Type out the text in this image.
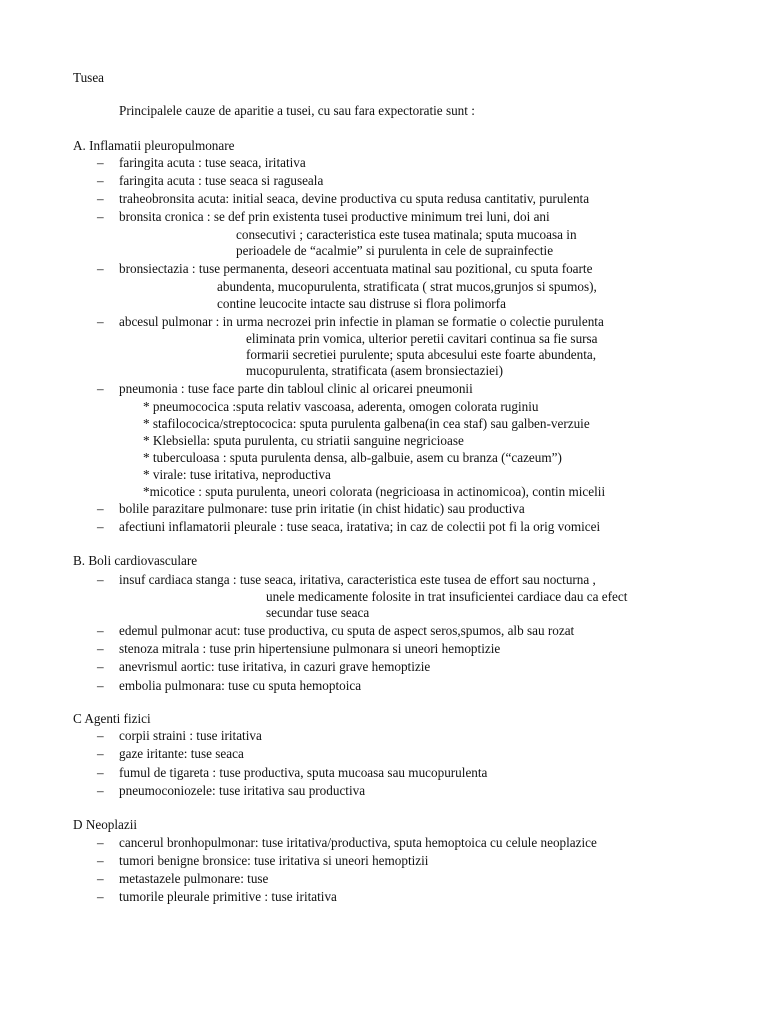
Tusea
Principalele cauze de aparitie a tusei, cu sau fara expectoratie sunt :
A. Inflamatii pleuropulmonare
– faringita acuta : tuse seaca, iritativa
– faringita acuta : tuse seaca si raguseala
– traheobronsita acuta: initial seaca, devine productiva cu sputa redusa cantitativ, purulenta
– bronsita cronica : se def prin existenta tusei productive minimum trei luni, doi ani
consecutivi ; caracteristica este tusea matinala; sputa mucoasa in
perioadele de “acalmie” si purulenta in cele de suprainfectie
– bronsiectazia : tuse permanenta, deseori accentuata matinal sau pozitional, cu sputa foarte
abundenta, mucopurulenta, stratificata ( strat mucos,grunjos si spumos),
contine leucocite intacte sau distruse si flora polimorfa
– abcesul pulmonar : in urma necrozei prin infectie in plaman se formatie o colectie purulenta
eliminata prin vomica, ulterior peretii cavitari continua sa fie sursa
formarii secretiei purulente; sputa abcesului este foarte abundenta,
mucopurulenta, stratificata (asem bronsiectaziei)
– pneumonia : tuse face parte din tabloul clinic al oricarei pneumonii
* pneumococica :sputa relativ vascoasa, aderenta, omogen colorata ruginiu
* stafilococica/streptococica: sputa purulenta galbena(in cea staf) sau galben-verzuie
* Klebsiella: sputa purulenta, cu striatii sanguine negricioase
* tuberculoasa : sputa purulenta densa, alb-galbuie, asem cu branza (“cazeum”)
* virale: tuse iritativa, neproductiva
*micotice : sputa purulenta, uneori colorata (negricioasa in actinomicoa), contin micelii
– bolile parazitare pulmonare: tuse prin iritatie (in chist hidatic) sau productiva
– afectiuni inflamatorii pleurale : tuse seaca, iratativa; in caz de colectii pot fi la orig vomicei
B. Boli cardiovasculare
– insuf cardiaca stanga : tuse seaca, iritativa, caracteristica este tusea de effort sau nocturna ,
unele medicamente folosite in trat insuficientei cardiace dau ca efect
secundar tuse seaca
– edemul pulmonar acut: tuse productiva, cu sputa de aspect seros,spumos, alb sau rozat
– stenoza mitrala : tuse prin hipertensiune pulmonara si uneori hemoptizie
– anevrismul aortic: tuse iritativa, in cazuri grave hemoptizie
– embolia pulmonara: tuse cu sputa hemoptoica
C Agenti fizici
– corpii straini : tuse iritativa
– gaze iritante: tuse seaca
– fumul de tigareta : tuse productiva, sputa mucoasa sau mucopurulenta
– pneumoconiozele: tuse iritativa sau productiva
D Neoplazii
– cancerul bronhopulmonar: tuse iritativa/productiva, sputa hemoptoica cu celule neoplazice
– tumori benigne bronsice: tuse iritativa si uneori hemoptizii
– metastazele pulmonare: tuse
– tumorile pleurale primitive : tuse iritativa
